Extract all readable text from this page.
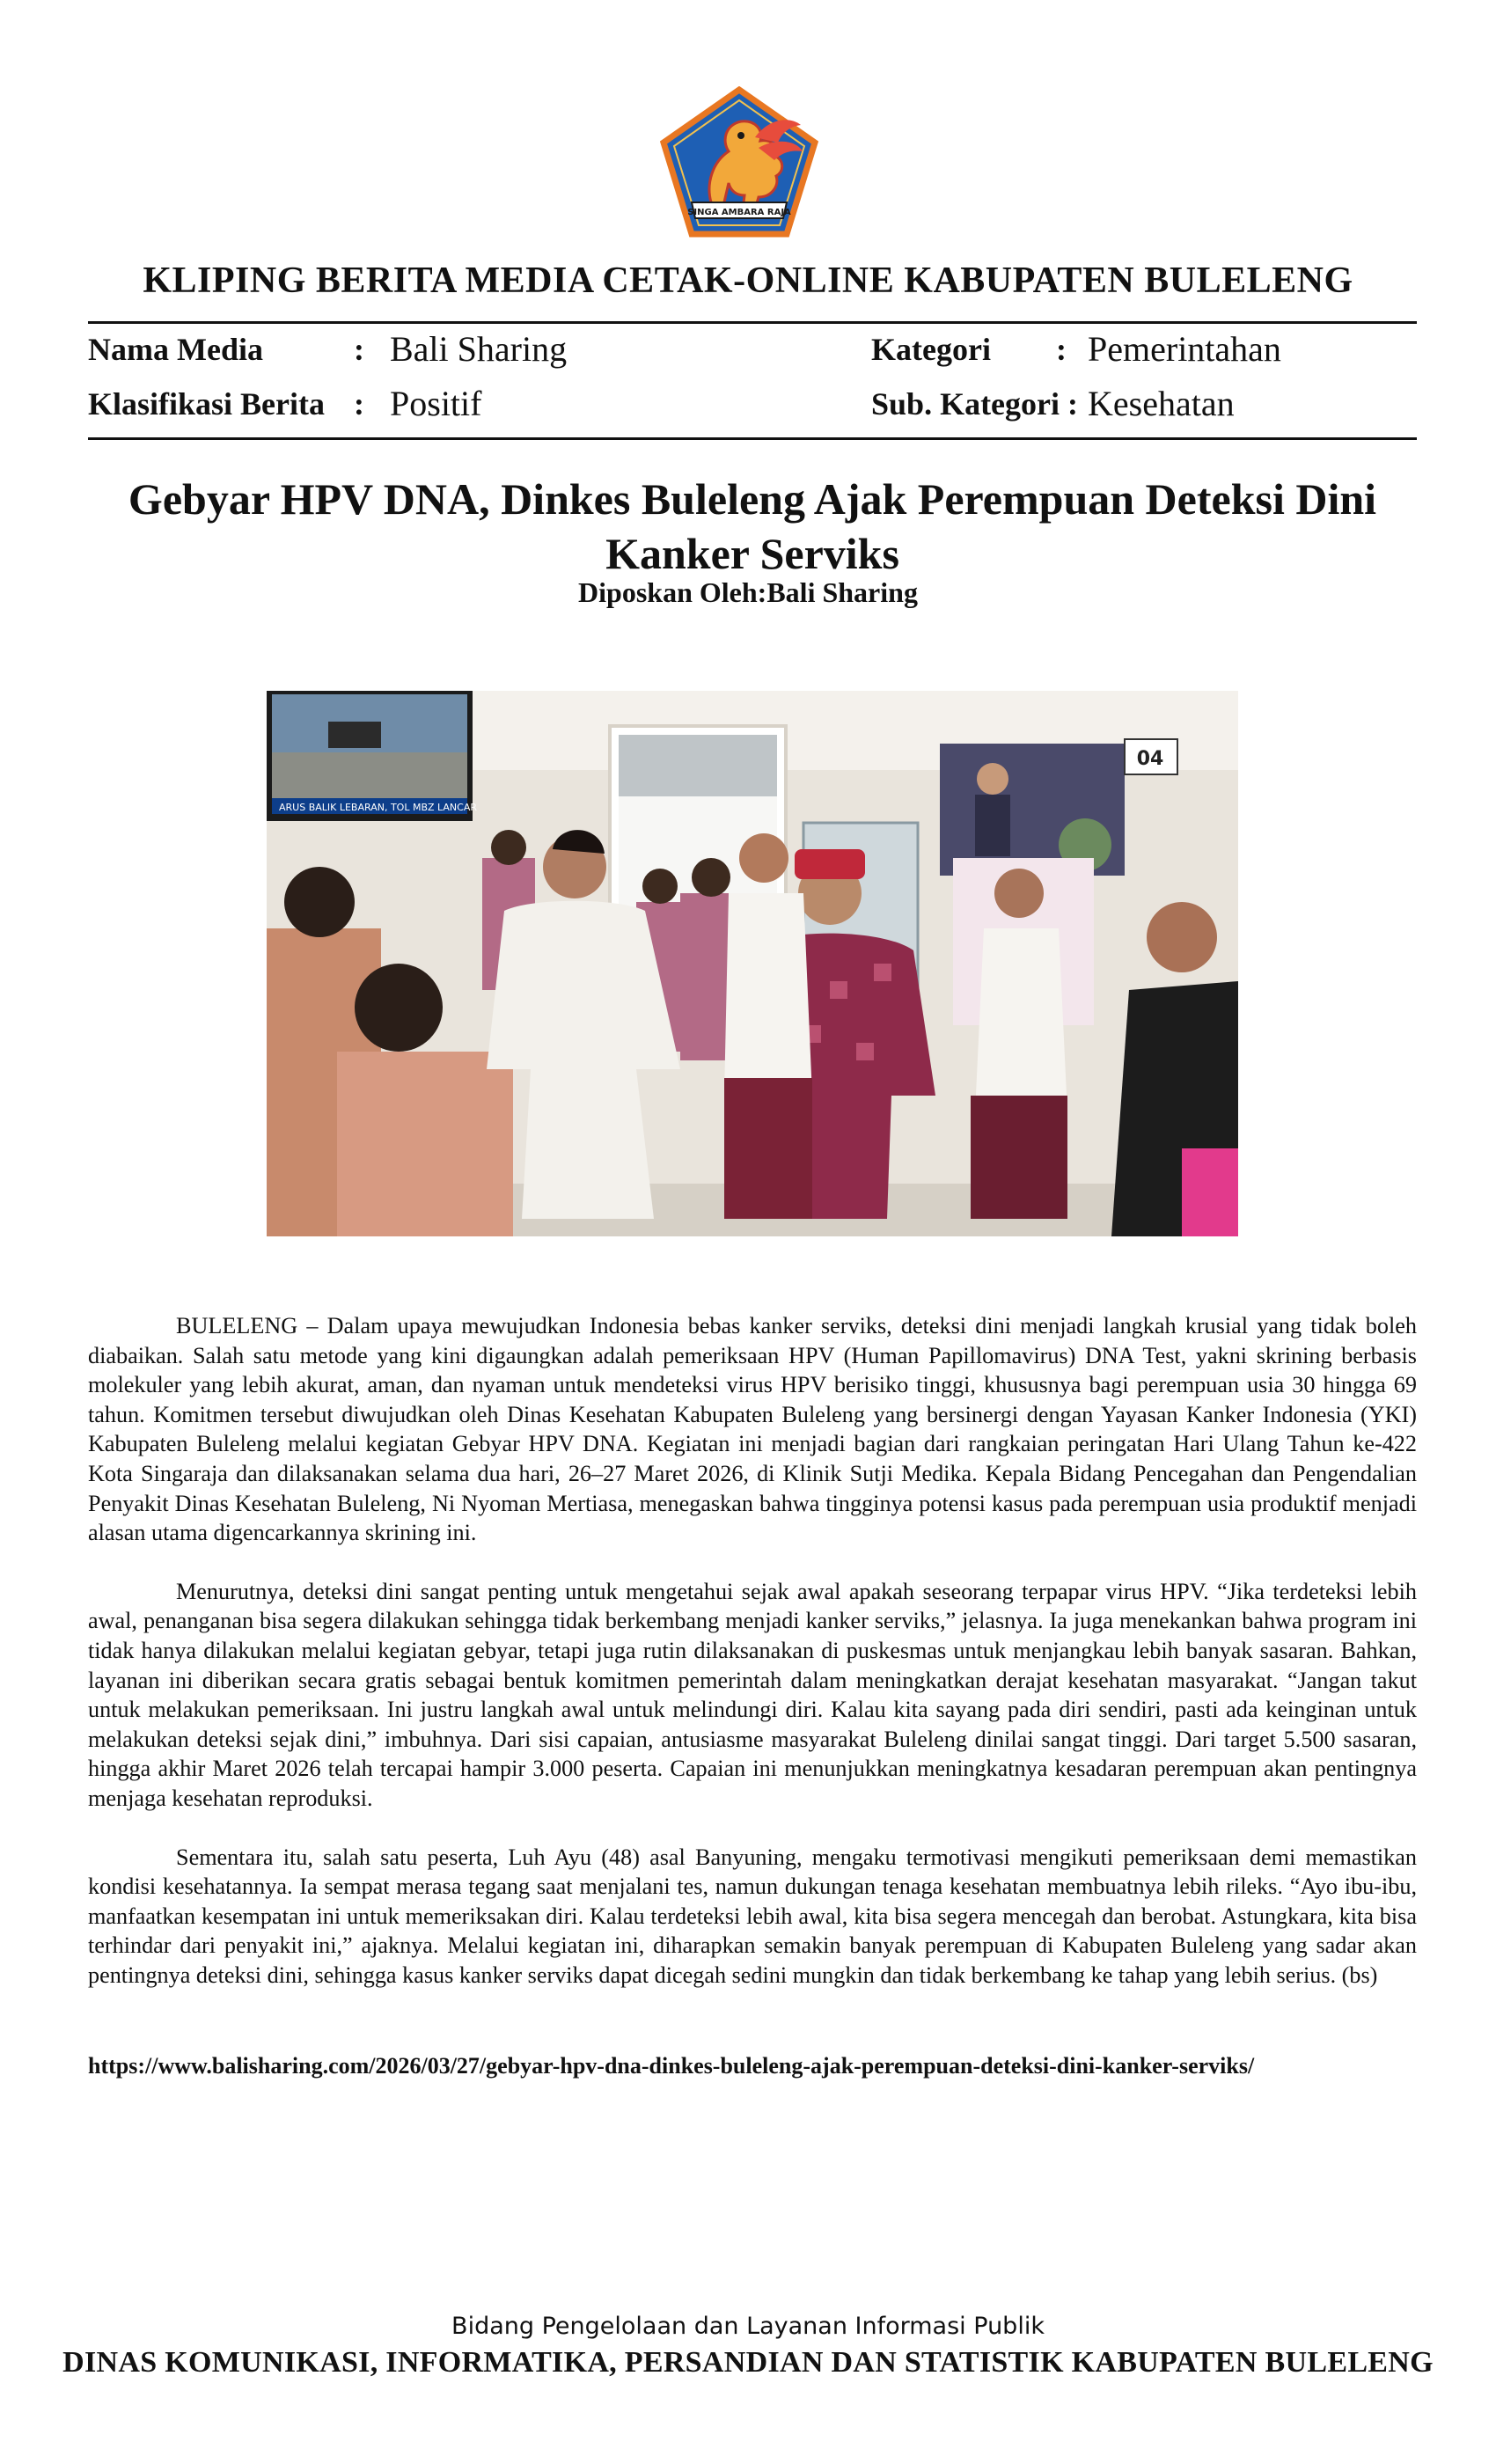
SINGA AMBARA RAJA
KLIPING BERITA MEDIA CETAK-ONLINE KABUPATEN BULELENG
Nama Media	: Bali Sharing
Klasifikasi Berita : Positif
Kategori : Pemerintahan
Sub. Kategori : Kesehatan
Gebyar HPV DNA, Dinkes Buleleng Ajak Perempuan Deteksi Dini
Kanker Serviks
Diposkan Oleh:Bali Sharing
ARUS BALIK LEBARAN, TOL MBZ LANCAR
04

BULELENG – Dalam upaya mewujudkan Indonesia bebas kanker serviks, deteksi dini menjadi langkah krusial yang tidak boleh diabaikan. Salah satu metode yang kini digaungkan adalah pemeriksaan HPV (Human Papillomavirus) DNA Test, yakni skrining berbasis molekuler yang lebih akurat, aman, dan nyaman untuk mendeteksi virus HPV berisiko tinggi, khususnya bagi perempuan usia 30 hingga 69 tahun. Komitmen tersebut diwujudkan oleh Dinas Kesehatan Kabupaten Buleleng yang bersinergi dengan Yayasan Kanker Indonesia (YKI) Kabupaten Buleleng melalui kegiatan Gebyar HPV DNA. Kegiatan ini menjadi bagian dari rangkaian peringatan Hari Ulang Tahun ke-422 Kota Singaraja dan dilaksanakan selama dua hari, 26–27 Maret 2026, di Klinik Sutji Medika. Kepala Bidang Pencegahan dan Pengendalian Penyakit Dinas Kesehatan Buleleng, Ni Nyoman Mertiasa, menegaskan bahwa tingginya potensi kasus pada perempuan usia produktif menjadi alasan utama digencarkannya skrining ini.

Menurutnya, deteksi dini sangat penting untuk mengetahui sejak awal apakah seseorang terpapar virus HPV. “Jika terdeteksi lebih awal, penanganan bisa segera dilakukan sehingga tidak berkembang menjadi kanker serviks,” jelasnya. Ia juga menekankan bahwa program ini tidak hanya dilakukan melalui kegiatan gebyar, tetapi juga rutin dilaksanakan di puskesmas untuk menjangkau lebih banyak sasaran. Bahkan, layanan ini diberikan secara gratis sebagai bentuk komitmen pemerintah dalam meningkatkan derajat kesehatan masyarakat. “Jangan takut untuk melakukan pemeriksaan. Ini justru langkah awal untuk melindungi diri. Kalau kita sayang pada diri sendiri, pasti ada keinginan untuk melakukan deteksi sejak dini,” imbuhnya. Dari sisi capaian, antusiasme masyarakat Buleleng dinilai sangat tinggi. Dari target 5.500 sasaran, hingga akhir Maret 2026 telah tercapai hampir 3.000 peserta. Capaian ini menunjukkan meningkatnya kesadaran perempuan akan pentingnya menjaga kesehatan reproduksi.

Sementara itu, salah satu peserta, Luh Ayu (48) asal Banyuning, mengaku termotivasi mengikuti pemeriksaan demi memastikan kondisi kesehatannya. Ia sempat merasa tegang saat menjalani tes, namun dukungan tenaga kesehatan membuatnya lebih rileks. “Ayo ibu-ibu, manfaatkan kesempatan ini untuk memeriksakan diri. Kalau terdeteksi lebih awal, kita bisa segera mencegah dan berobat. Astungkara, kita bisa terhindar dari penyakit ini,” ajaknya. Melalui kegiatan ini, diharapkan semakin banyak perempuan di Kabupaten Buleleng yang sadar akan pentingnya deteksi dini, sehingga kasus kanker serviks dapat dicegah sedini mungkin dan tidak berkembang ke tahap yang lebih serius. (bs)

https://www.balisharing.com/2026/03/27/gebyar-hpv-dna-dinkes-buleleng-ajak-perempuan-deteksi-dini-kanker-serviks/
Bidang Pengelolaan dan Layanan Informasi Publik
DINAS KOMUNIKASI, INFORMATIKA, PERSANDIAN DAN STATISTIK KABUPATEN BULELENG
